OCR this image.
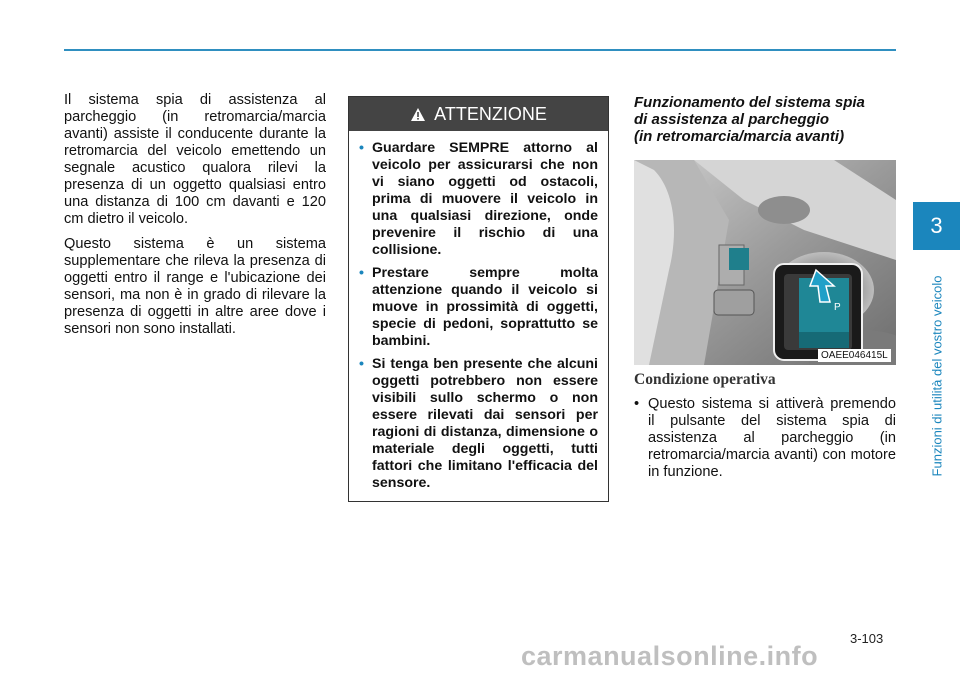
3
Funzioni di utilità del vostro veicolo

Il sistema spia di assistenza al parcheggio (in retromarcia/marcia avanti) assiste il conducente durante la retromarcia del veicolo emettendo un segnale acustico qualora rilevi la presenza di un oggetto qualsiasi entro una distanza di 100 cm davanti e 120 cm dietro il veicolo.

Questo sistema è un sistema supplementare che rileva la presenza di oggetti entro il range e l'ubicazione dei sensori, ma non è in grado di rilevare la presenza di oggetti in altre aree dove i sensori non sono installati.

ATTENZIONE
• Guardare SEMPRE attorno al veicolo per assicurarsi che non vi siano oggetti od ostacoli, prima di muovere il veicolo in una qualsiasi direzione, onde prevenire il rischio di una collisione.
• Prestare sempre molta attenzione quando il veicolo si muove in prossimità di oggetti, specie di pedoni, soprattutto se bambini.
• Si tenga ben presente che alcuni oggetti potrebbero non essere visibili sullo schermo o non essere rilevati dai sensori per ragioni di distanza, dimensione o materiale degli oggetti, tutti fattori che limitano l'efficacia del sensore.
Funzionamento del sistema spia
di assistenza al parcheggio
(in retromarcia/marcia avanti)
P
OAEE046415L
Condizione operativa
• Questo sistema si attiverà premendo il pulsante del sistema spia di assistenza al parcheggio (in retromarcia/marcia avanti) con motore in funzione.
3-103
carmanualsonline.info
